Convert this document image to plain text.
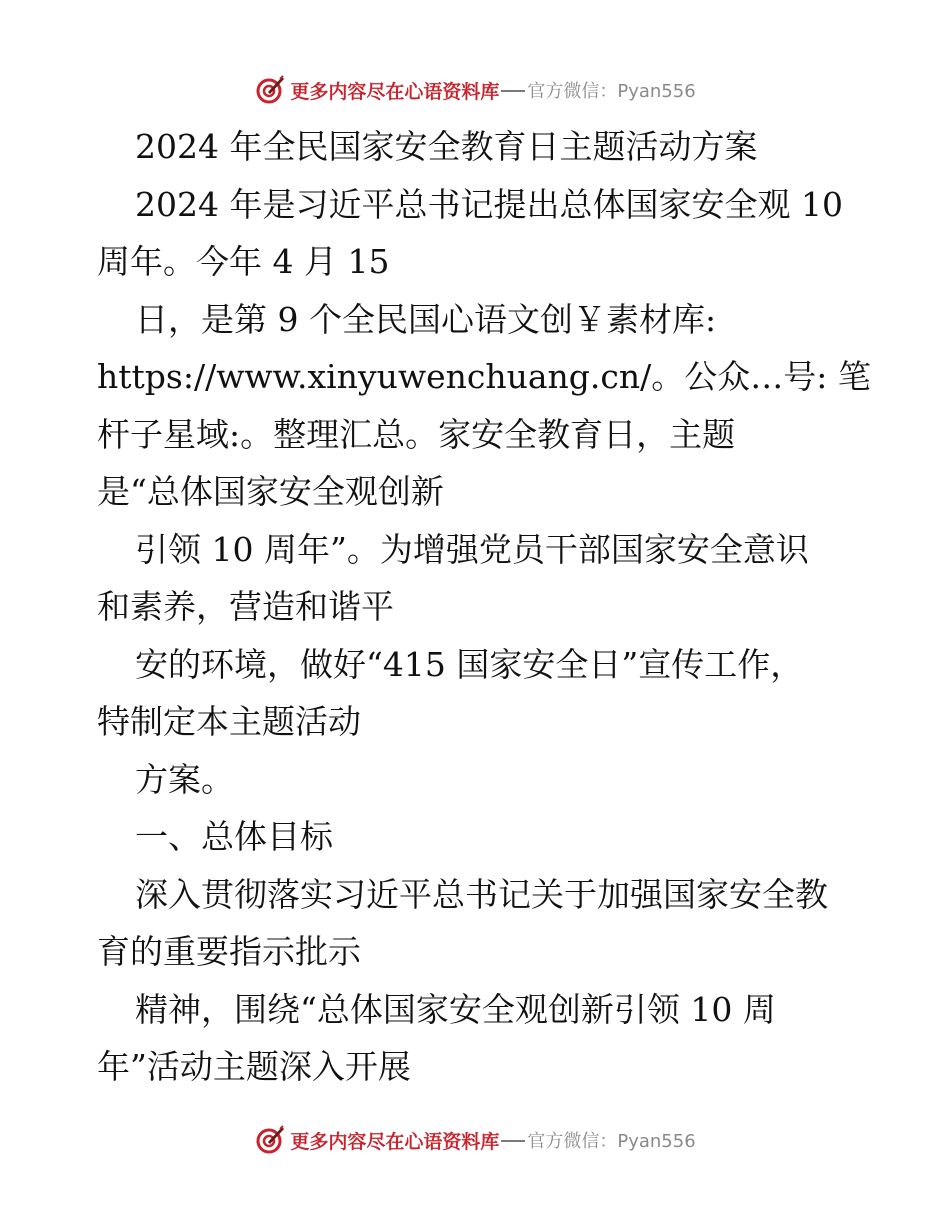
更多内容尽在心语资料库 官方微信：Pyan556
2024 年全民国家安全教育日主题活动方案
2024 年是习近平总书记提出总体国家安全观 10
周年。今年 4 月 15
日，是第 9 个全民国心语文创￥素材库:
https://www.xinyuwenchuang.cn/。公众…号: 笔
杆子星域:。整理汇总。家安全教育日，主题
是“总体国家安全观创新
引领 10 周年”。为增强党员干部国家安全意识
和素养，营造和谐平
安的环境，做好“415 国家安全日”宣传工作，
特制定本主题活动
方案。
一、总体目标
深入贯彻落实习近平总书记关于加强国家安全教
育的重要指示批示
精神，围绕“总体国家安全观创新引领 10 周
年”活动主题深入开展
更多内容尽在心语资料库 官方微信：Pyan556
